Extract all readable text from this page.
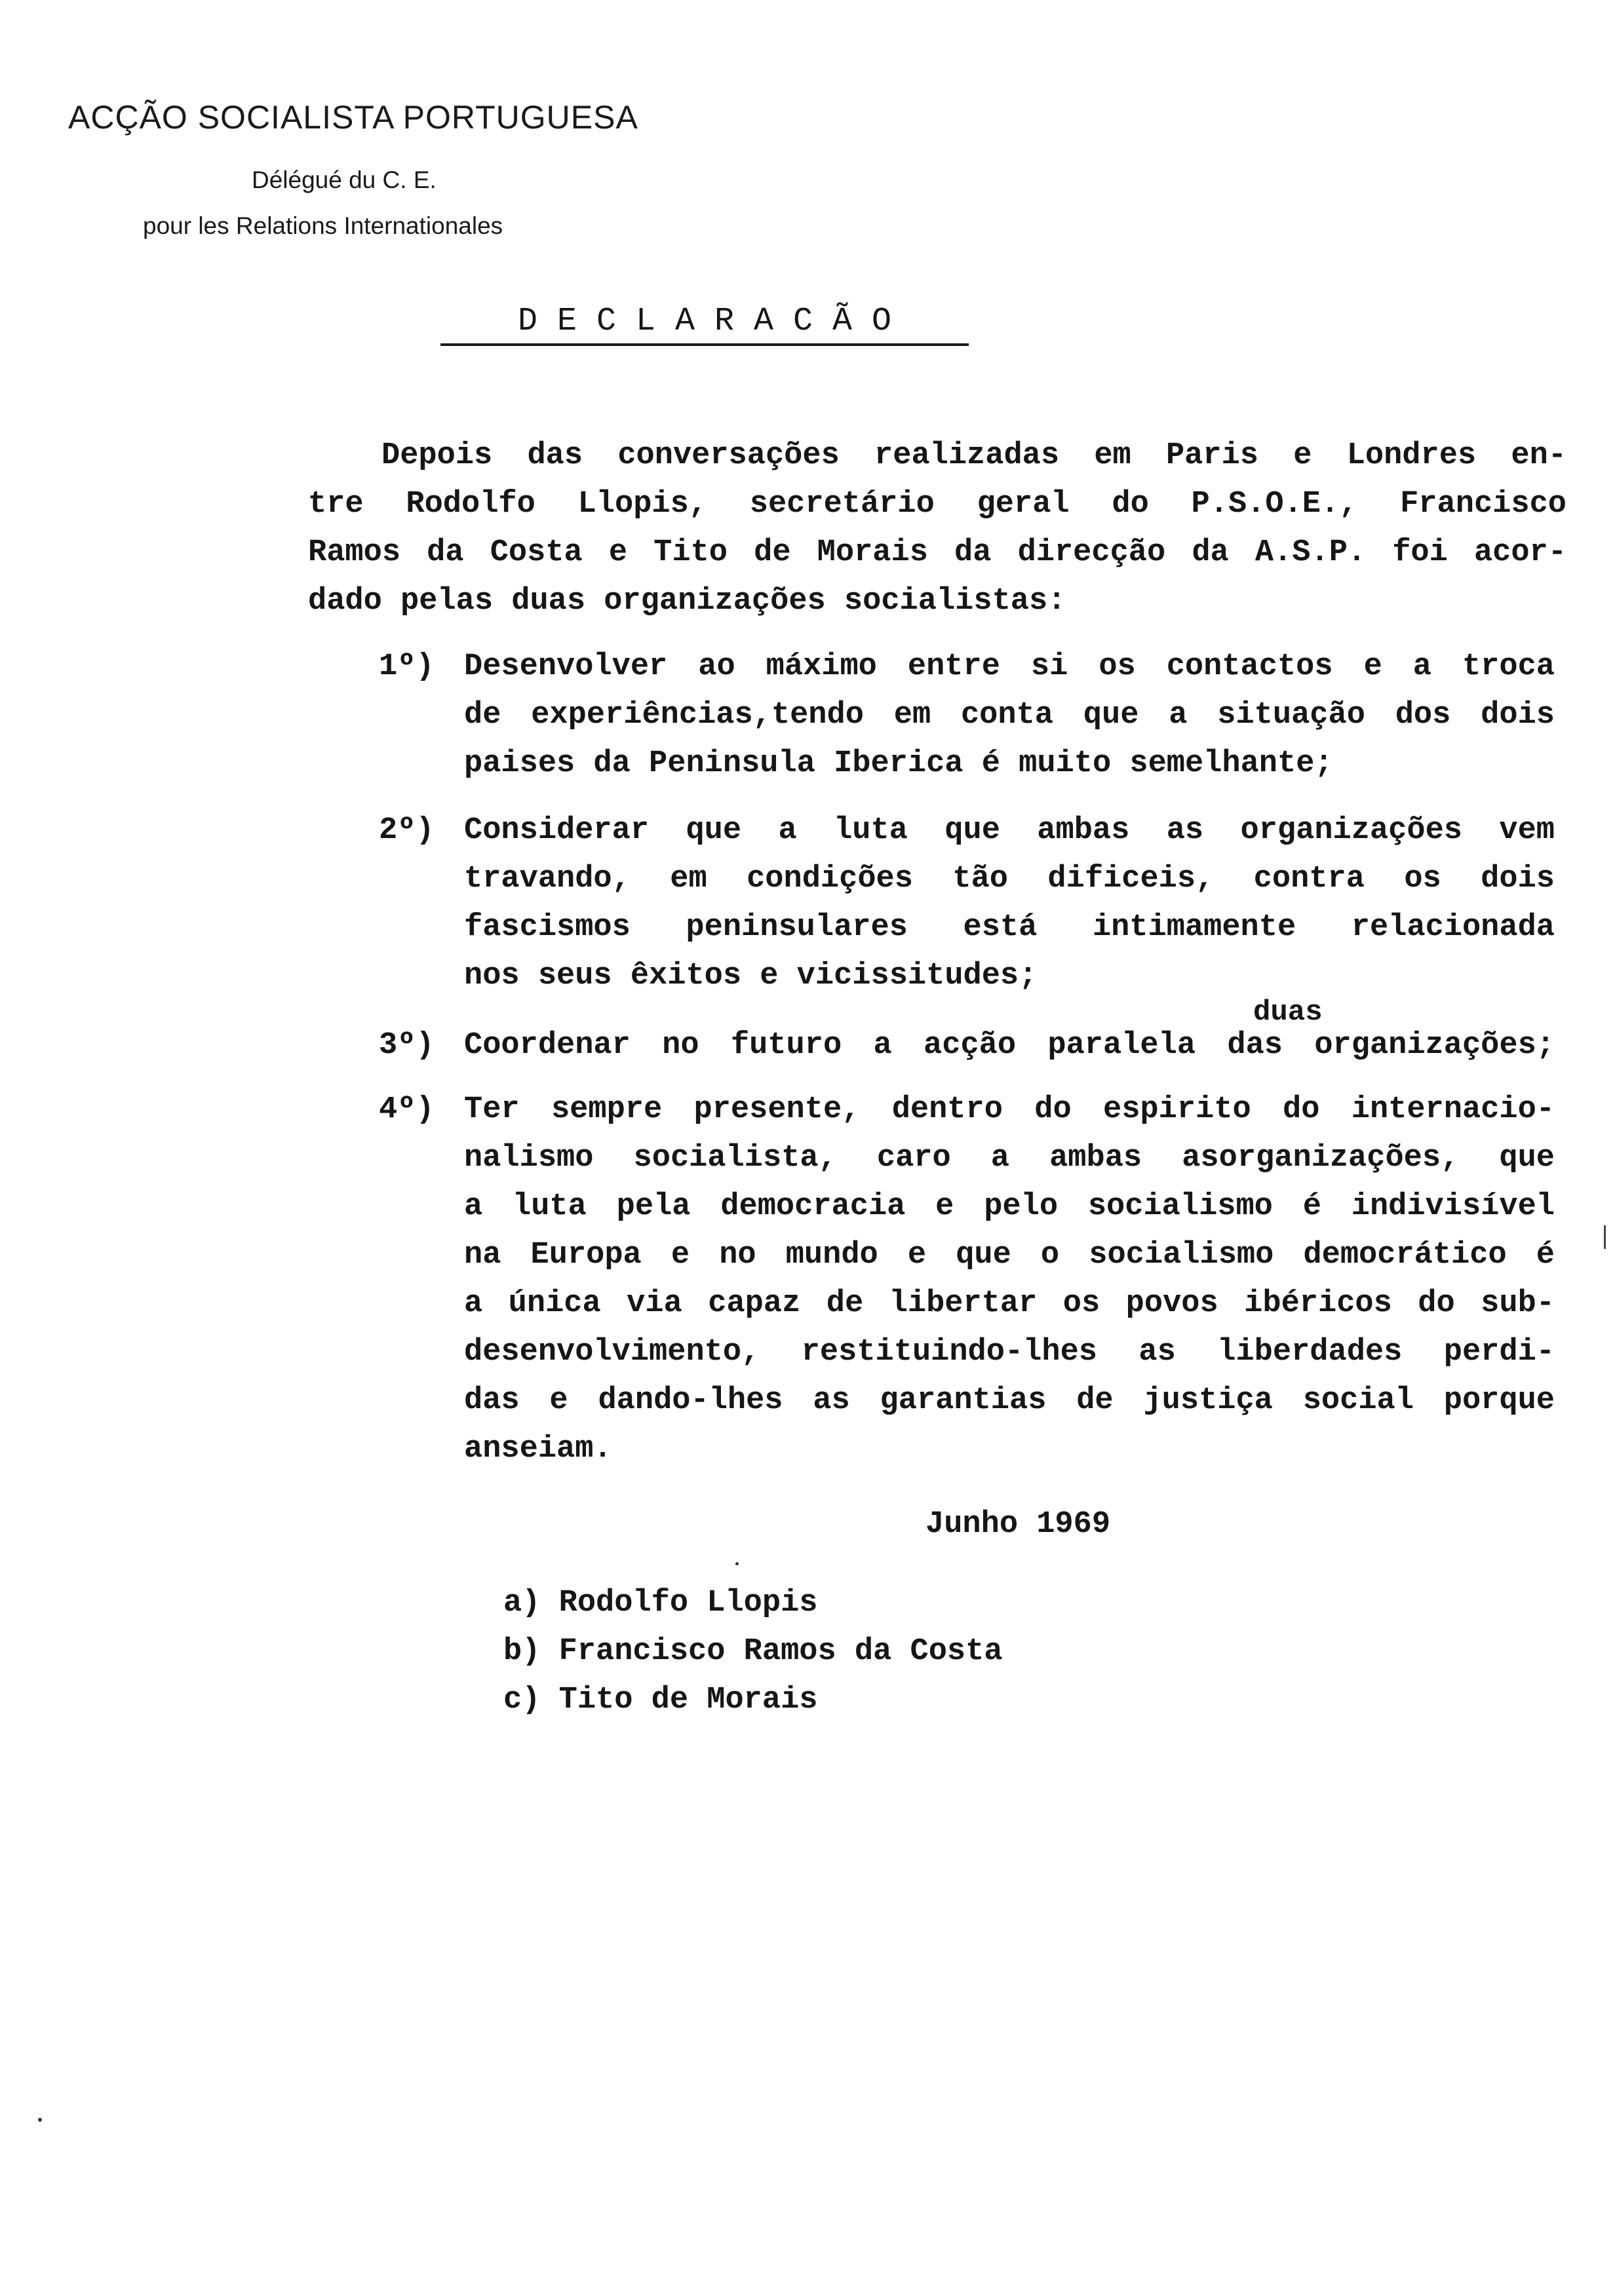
ACÇÃO SOCIALISTA PORTUGUESA
Délégué du C. E.
pour les Relations Internationales
DECLARACÃO
Depois das conversações realizadas em Paris e Londres en-
tre Rodolfo Llopis, secretário geral do P.S.O.E., Francisco
Ramos da Costa e Tito de Morais da direcção da A.S.P. foi acor-
dado pelas duas organizações socialistas:
1º) Desenvolver ao máximo entre si os contactos e a troca
de experiências,tendo em conta que a situação dos dois
paises da Peninsula Iberica é muito semelhante;
2º) Considerar que a luta que ambas as organizações vem
travando, em condições tão dificeis, contra os dois
fascismos peninsulares está intimamente relacionada
nos seus êxitos e vicissitudes;
duas
3º) Coordenar no futuro a acção paralela das organizações;
4º) Ter sempre presente, dentro do espirito do internacio-
nalismo socialista, caro a ambas asorganizações, que
a luta pela democracia e pelo socialismo é indivisível
na Europa e no mundo e que o socialismo democrático é
a única via capaz de libertar os povos ibéricos do sub-
desenvolvimento, restituindo-lhes as liberdades perdi-
das e dando-lhes as garantias de justiça social porque
anseiam.
Junho 1969
a) Rodolfo Llopis
b) Francisco Ramos da Costa
c) Tito de Morais
